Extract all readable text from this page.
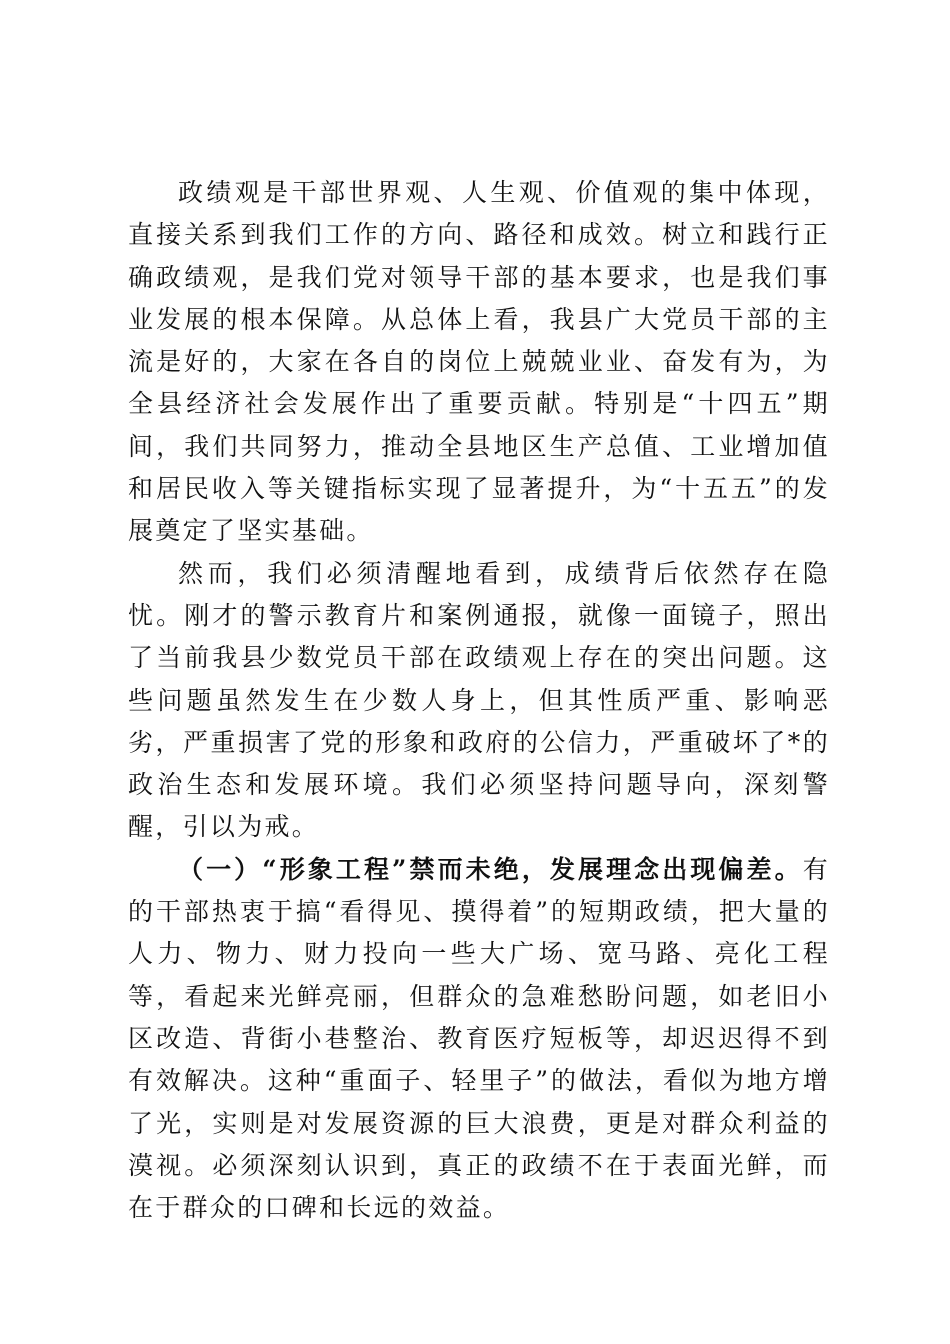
政绩观是干部世界观、人生观、价值观的集中体现，直接关系到我们工作的方向、路径和成效。树立和践行正确政绩观，是我们党对领导干部的基本要求，也是我们事业发展的根本保障。从总体上看，我县广大党员干部的主流是好的，大家在各自的岗位上兢兢业业、奋发有为，为全县经济社会发展作出了重要贡献。特别是“十四五”期间，我们共同努力，推动全县地区生产总值、工业增加值和居民收入等关键指标实现了显著提升，为“十五五”的发展奠定了坚实基础。

然而，我们必须清醒地看到，成绩背后依然存在隐忧。刚才的警示教育片和案例通报，就像一面镜子，照出了当前我县少数党员干部在政绩观上存在的突出问题。这些问题虽然发生在少数人身上，但其性质严重、影响恶劣，严重损害了党的形象和政府的公信力，严重破坏了*的政治生态和发展环境。我们必须坚持问题导向，深刻警醒，引以为戒。

（一）“形象工程”禁而未绝，发展理念出现偏差。有的干部热衷于搞“看得见、摸得着”的短期政绩，把大量的人力、物力、财力投向一些大广场、宽马路、亮化工程等，看起来光鲜亮丽，但群众的急难愁盼问题，如老旧小区改造、背街小巷整治、教育医疗短板等，却迟迟得不到有效解决。这种“重面子、轻里子”的做法，看似为地方增了光，实则是对发展资源的巨大浪费，更是对群众利益的漠视。必须深刻认识到，真正的政绩不在于表面光鲜，而在于群众的口碑和长远的效益。
